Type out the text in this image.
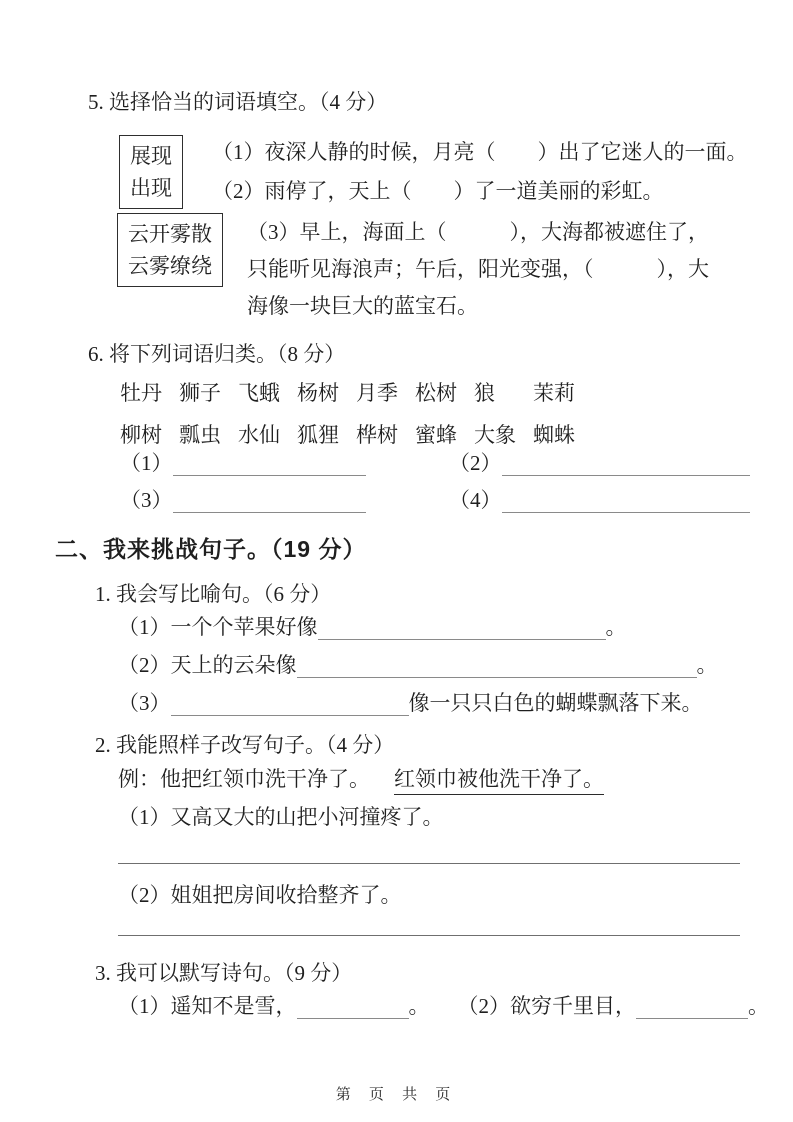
5. 选择恰当的词语填空。（4 分）
展现
出现
（1）夜深人静的时候，月亮（　　）出了它迷人的一面。
（2）雨停了，天上（　　）了一道美丽的彩虹。
云开雾散
云雾缭绕
（3）早上，海面上（　　　），大海都被遮住了，
只能听见海浪声；午后，阳光变强，（　　　），大
海像一块巨大的蓝宝石。
6. 将下列词语归类。（8 分）
牡丹 狮子 飞蛾 杨树 月季 松树 狼	茉莉
柳树 瓢虫 水仙 狐狸 桦树 蜜蜂 大象 蜘蛛
（1）	（2）
（3）	（4）
二、我来挑战句子。（19 分）
1. 我会写比喻句。（6 分）
（1）一个个苹果好像	。
（2）天上的云朵像	。
（3）	像一只只白色的蝴蝶飘落下来。
2. 我能照样子改写句子。（4 分）
例：他把红领巾洗干净了。 红领巾被他洗干净了。
（1）又高又大的山把小河撞疼了。
（2）姐姐把房间收拾整齐了。
3. 我可以默写诗句。（9 分）
（1）遥知不是雪，	。 （2）欲穷千里目，	。
第 页 共 页
